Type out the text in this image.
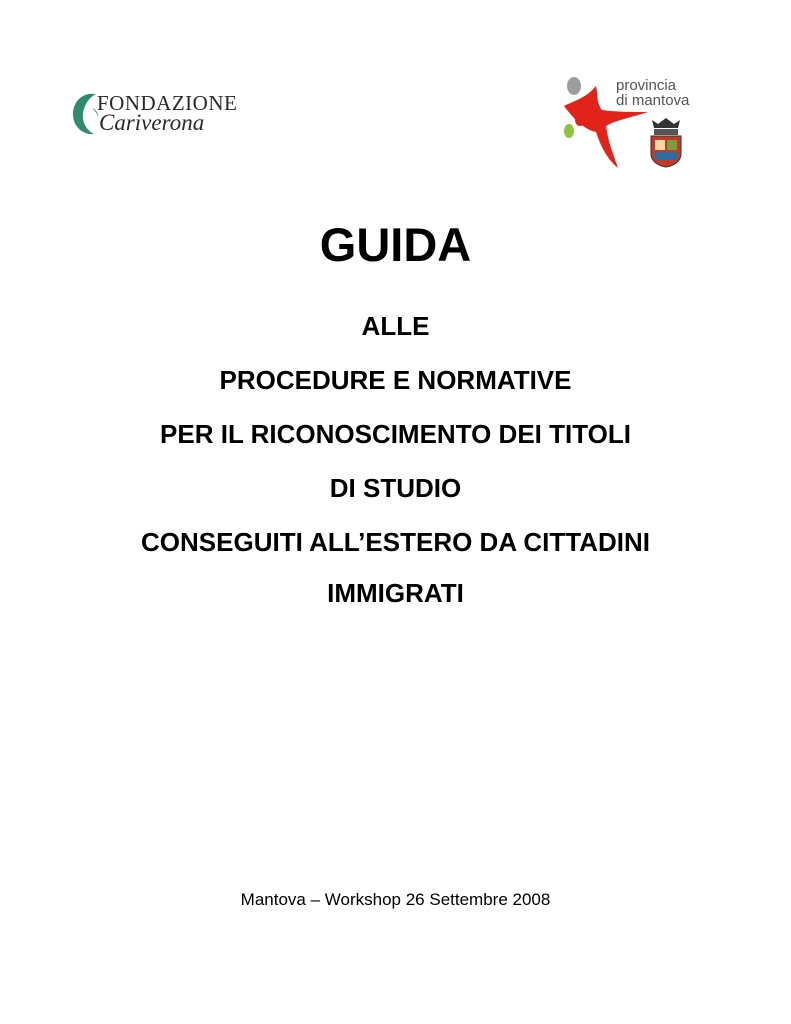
FONDAZIONE
Cariverona
provincia
di mantova
GUIDA
ALLE
PROCEDURE E NORMATIVE
PER IL RICONOSCIMENTO DEI TITOLI
DI STUDIO
CONSEGUITI ALL’ESTERO DA CITTADINI
IMMIGRATI
Mantova – Workshop 26 Settembre 2008
